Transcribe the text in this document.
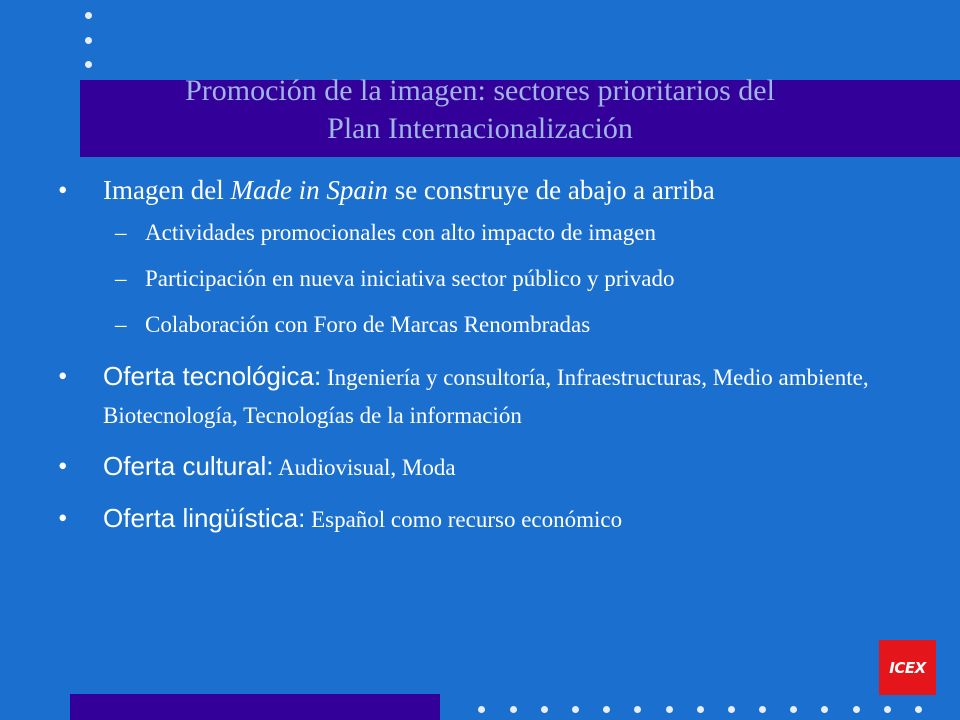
Promoción de la imagen: sectores prioritarios del
Plan Internacionalización
• Imagen del Made in Spain se construye de abajo a arriba
– Actividades promocionales con alto impacto de imagen
– Participación en nueva iniciativa sector público y privado
– Colaboración con Foro de Marcas Renombradas
• Oferta tecnológica: Ingeniería y consultoría, Infraestructuras, Medio ambiente, Biotecnología, Tecnologías de la información
• Oferta cultural: Audiovisual, Moda
• Oferta lingüística: Español como recurso económico
ICEX
